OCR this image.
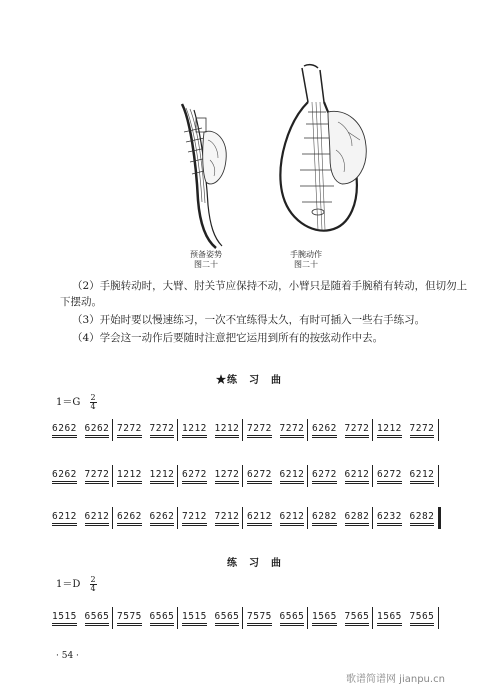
预备姿势
图二十
手腕动作
图二十
（2）手腕转动时，大臂、肘关节应保持不动，小臂只是随着手腕稍有转动，但切勿上
下摆动。
（3）开始时要以慢速练习，一次不宜练得太久，有时可插入一些右手练习。
（4）学会这一动作后要随时注意把它运用到所有的按弦动作中去。
★练　习　曲
$1=G \frac{2}{4}$
6262 6262 7272 7272 1212 1212 7272 7272 6262 7272 1212 7272
6262 7272 1212 1212 6272 1272 6272 6212 6272 6212 6272 6212
6212 6212 6262 6262 7212 7212 6212 6212 6282 6282 6232 6282
练　习　曲
$1=D \frac{2}{4}$
1515 6565 7575 6565 1515 6565 7575 6565 1565 7565 1565 7565
· 54 ·
歌谱简谱网 jianpu.cn
